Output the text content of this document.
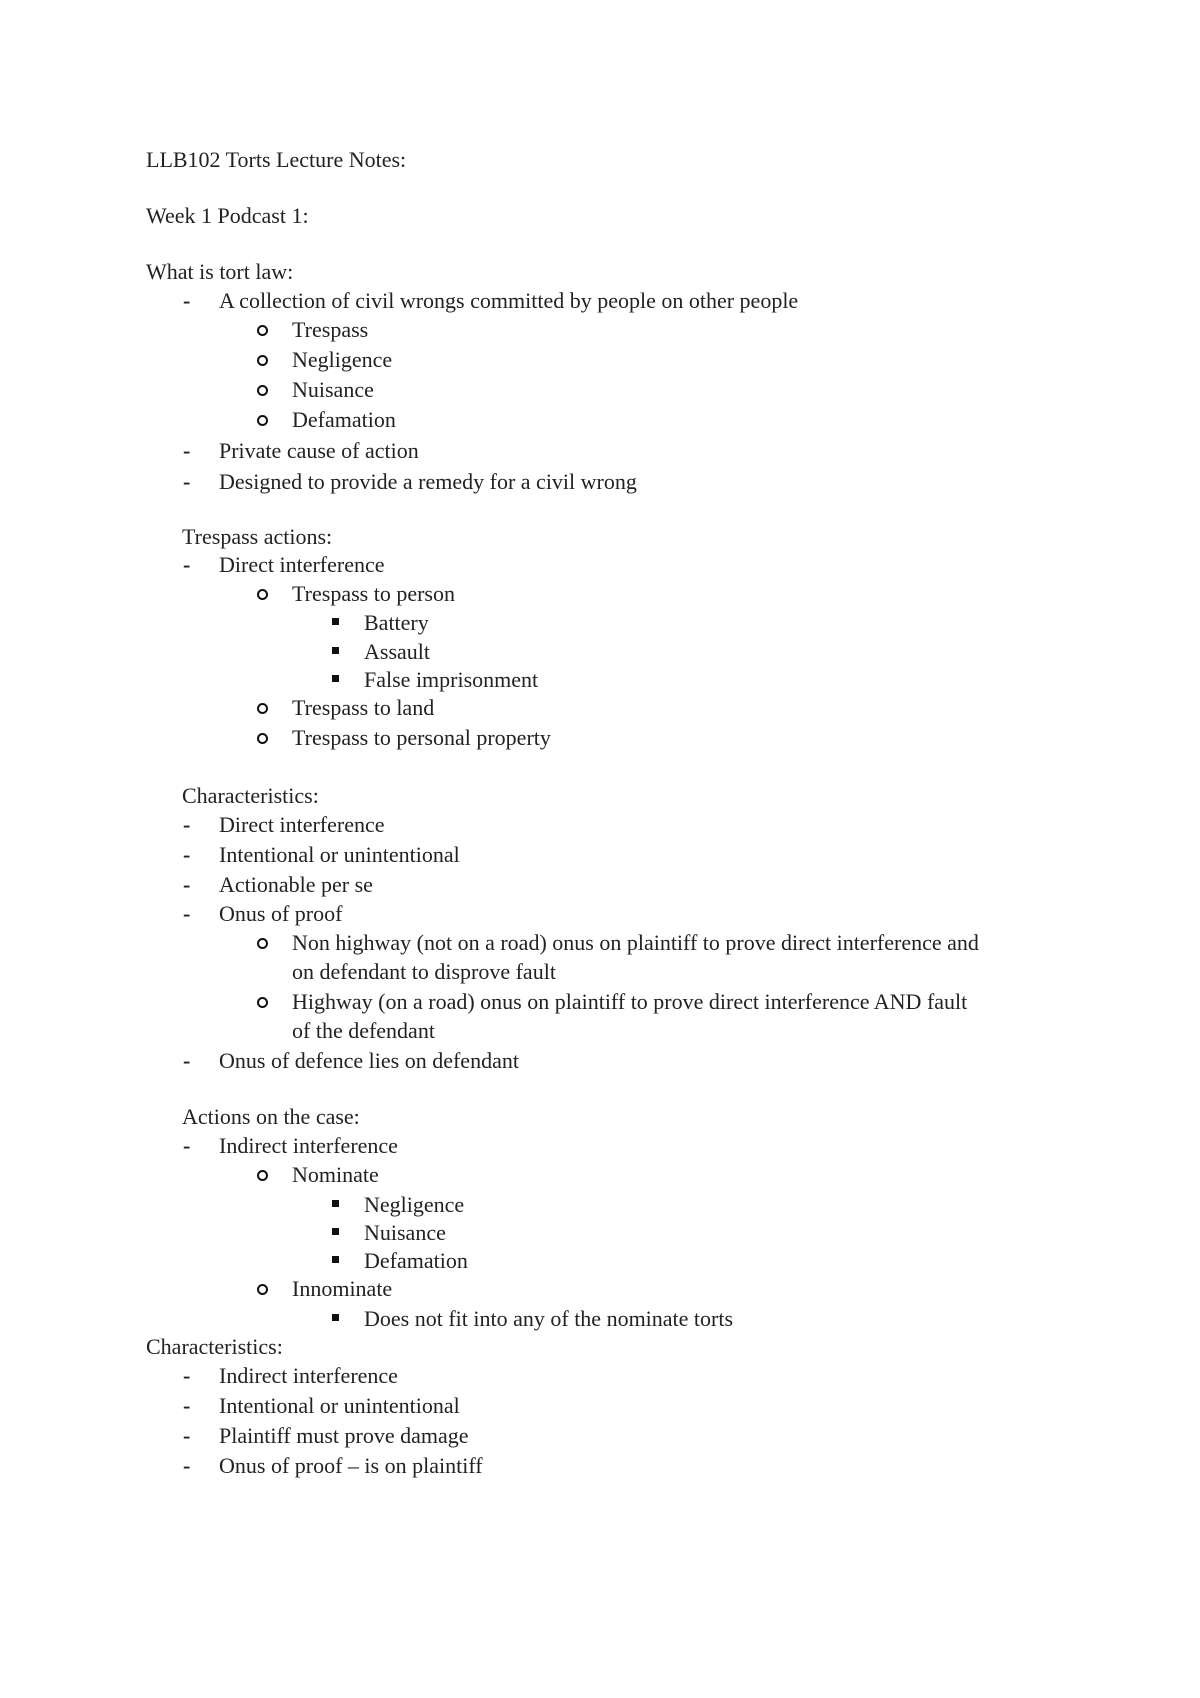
LLB102 Torts Lecture Notes:
Week 1 Podcast 1:
What is tort law:
- A collection of civil wrongs committed by people on other people
Trespass
Negligence
Nuisance
Defamation
- Private cause of action
- Designed to provide a remedy for a civil wrong
Trespass actions:
- Direct interference
Trespass to person
Battery
Assault
False imprisonment
Trespass to land
Trespass to personal property
Characteristics:
- Direct interference
- Intentional or unintentional
- Actionable per se
- Onus of proof
Non highway (not on a road) onus on plaintiff to prove direct interference and
on defendant to disprove fault
Highway (on a road) onus on plaintiff to prove direct interference AND fault
of the defendant
- Onus of defence lies on defendant
Actions on the case:
- Indirect interference
Nominate
Negligence
Nuisance
Defamation
Innominate
Does not fit into any of the nominate torts
Characteristics:
- Indirect interference
- Intentional or unintentional
- Plaintiff must prove damage
- Onus of proof – is on plaintiff
